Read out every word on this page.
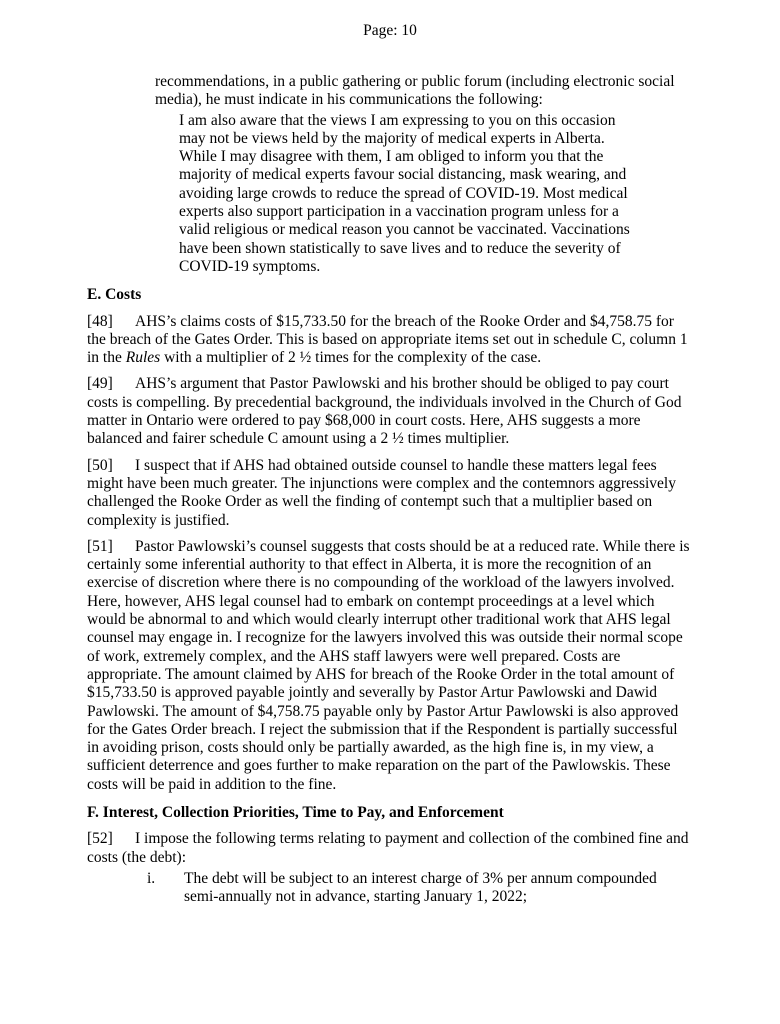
Page: 10

recommendations, in a public gathering or public forum (including electronic social media), he must indicate in his communications the following:

I am also aware that the views I am expressing to you on this occasion may not be views held by the majority of medical experts in Alberta. While I may disagree with them, I am obliged to inform you that the majority of medical experts favour social distancing, mask wearing, and avoiding large crowds to reduce the spread of COVID-19. Most medical experts also support participation in a vaccination program unless for a valid religious or medical reason you cannot be vaccinated. Vaccinations have been shown statistically to save lives and to reduce the severity of COVID-19 symptoms.

E. Costs

[48] AHS’s claims costs of $15,733.50 for the breach of the Rooke Order and $4,758.75 for the breach of the Gates Order. This is based on appropriate items set out in schedule C, column 1 in the Rules with a multiplier of 2 ½ times for the complexity of the case.

[49] AHS’s argument that Pastor Pawlowski and his brother should be obliged to pay court costs is compelling. By precedential background, the individuals involved in the Church of God matter in Ontario were ordered to pay $68,000 in court costs. Here, AHS suggests a more balanced and fairer schedule C amount using a 2 ½ times multiplier.

[50] I suspect that if AHS had obtained outside counsel to handle these matters legal fees might have been much greater. The injunctions were complex and the contemnors aggressively challenged the Rooke Order as well the finding of contempt such that a multiplier based on complexity is justified.

[51] Pastor Pawlowski’s counsel suggests that costs should be at a reduced rate. While there is certainly some inferential authority to that effect in Alberta, it is more the recognition of an exercise of discretion where there is no compounding of the workload of the lawyers involved. Here, however, AHS legal counsel had to embark on contempt proceedings at a level which would be abnormal to and which would clearly interrupt other traditional work that AHS legal counsel may engage in. I recognize for the lawyers involved this was outside their normal scope of work, extremely complex, and the AHS staff lawyers were well prepared. Costs are appropriate. The amount claimed by AHS for breach of the Rooke Order in the total amount of $15,733.50 is approved payable jointly and severally by Pastor Artur Pawlowski and Dawid Pawlowski. The amount of $4,758.75 payable only by Pastor Artur Pawlowski is also approved for the Gates Order breach. I reject the submission that if the Respondent is partially successful in avoiding prison, costs should only be partially awarded, as the high fine is, in my view, a sufficient deterrence and goes further to make reparation on the part of the Pawlowskis. These costs will be paid in addition to the fine.

F. Interest, Collection Priorities, Time to Pay, and Enforcement

[52] I impose the following terms relating to payment and collection of the combined fine and costs (the debt):

i. The debt will be subject to an interest charge of 3% per annum compounded semi-annually not in advance, starting January 1, 2022;
